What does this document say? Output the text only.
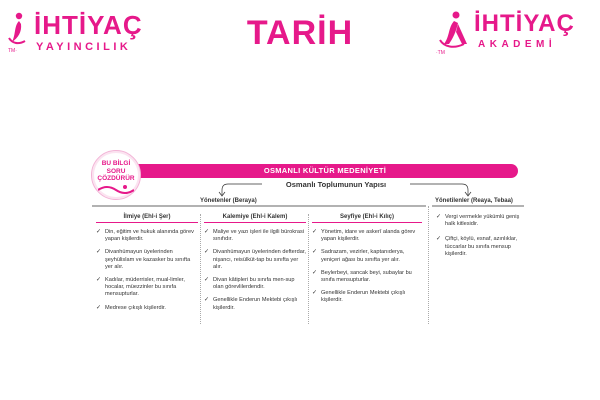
İHTİYAÇ
YAYINCILIK
TM·	TARİH	İHTİYAÇ
AKADEMİ
·TM
OSMANLI KÜLTÜR MEDENİYETİ
BU BİLGİ
SORU
ÇÖZDÜRÜR
Osmanlı Toplumunun Yapısı
Yönetenler (Beraya)	Yönetilenler (Reaya, Tebaa)
İlmiye (Ehl-i Şer)	Kalemiye (Ehl-i Kalem)	Seyfiye (Ehl-i Kılıç)
✓ Din, eğitim ve hukuk alanında görev yapan kişilerdir.
✓ Divanhümayun üyelerinden şeyhülislam ve kazasker bu sınıfta yer alır.
✓ Kadılar, müderrisler, mual-limler, hocalar, müezzinler bu sınıfa mensupturlar.
✓ Medrese çıkışlı kişilerdir.
✓ Maliye ve yazı işleri ile ilgili bürokrasi sınıfıdır.
✓ Divanhümayun üyelerinden defterdar, nişancı, reisülküt-tap bu sınıfta yer alır.
✓ Divan kâtipleri bu sınıfa men-sup olan görevlilerdendir.
✓ Genellikle Enderun Mektebi çıkışlı kişilerdir.
✓ Yönetim, idare ve askerî alanda görev yapan kişilerdir.
✓ Sadrazam, vezirler, kaptanıderya, yeniçeri ağası bu sınıfta yer alır.
✓ Beylerbeyi, sancak beyi, subaylar bu sınıfa mensupturlar.
✓ Genellikle Enderun Mektebi çıkışlı kişilerdir.
✓ Vergi vermekle yükümlü geniş halk kitlesidir.
✓ Çiftçi, köylü, esnaf, azınlıklar, tüccarlar bu sınıfa mensup kişilerdir.
